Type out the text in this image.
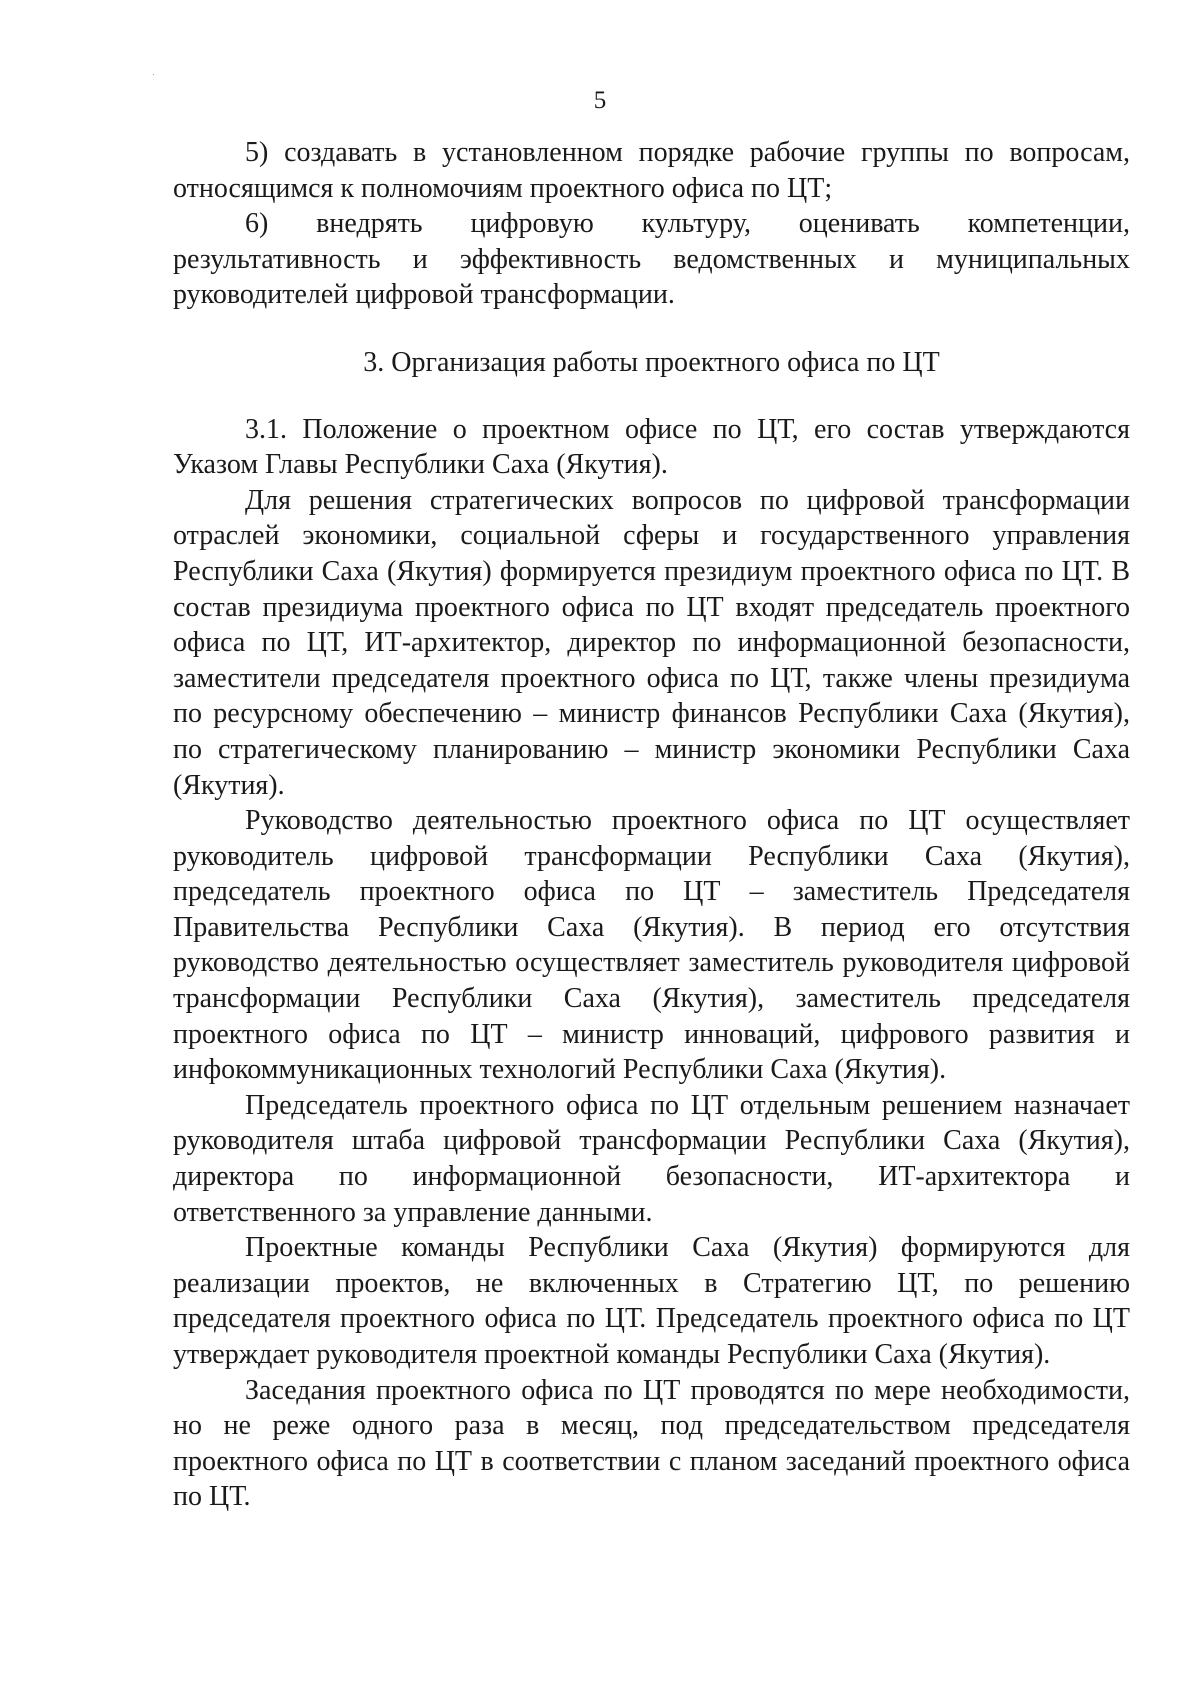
5

5) создавать в установленном порядке рабочие группы по вопросам, относящимся к полномочиям проектного офиса по ЦТ;

6) внедрять цифровую культуру, оценивать компетенции, результативность и эффективность ведомственных и муниципальных руководителей цифровой трансформации.

3. Организация работы проектного офиса по ЦТ

3.1. Положение о проектном офисе по ЦТ, его состав утверждаются Указом Главы Республики Саха (Якутия).

Для решения стратегических вопросов по цифровой трансформации отраслей экономики, социальной сферы и государственного управления Республики Саха (Якутия) формируется президиум проектного офиса по ЦТ. В состав президиума проектного офиса по ЦТ входят председатель проектного офиса по ЦТ, ИТ-архитектор, директор по информационной безопасности, заместители председателя проектного офиса по ЦТ, также члены президиума по ресурсному обеспечению – министр финансов Республики Саха (Якутия), по стратегическому планированию – министр экономики Республики Саха (Якутия).

Руководство деятельностью проектного офиса по ЦТ осуществляет руководитель цифровой трансформации Республики Саха (Якутия), председатель проектного офиса по ЦТ – заместитель Председателя Правительства Республики Саха (Якутия). В период его отсутствия руководство деятельностью осуществляет заместитель руководителя цифровой трансформации Республики Саха (Якутия), заместитель председателя проектного офиса по ЦТ – министр инноваций, цифрового развития и инфокоммуникационных технологий Республики Саха (Якутия).

Председатель проектного офиса по ЦТ отдельным решением назначает руководителя штаба цифровой трансформации Республики Саха (Якутия), директора по информационной безопасности, ИТ-архитектора и ответственного за управление данными.

Проектные команды Республики Саха (Якутия) формируются для реализации проектов, не включенных в Стратегию ЦТ, по решению председателя проектного офиса по ЦТ. Председатель проектного офиса по ЦТ утверждает руководителя проектной команды Республики Саха (Якутия).

Заседания проектного офиса по ЦТ проводятся по мере необходимости, но не реже одного раза в месяц, под председательством председателя проектного офиса по ЦТ в соответствии с планом заседаний проектного офиса по ЦТ.
